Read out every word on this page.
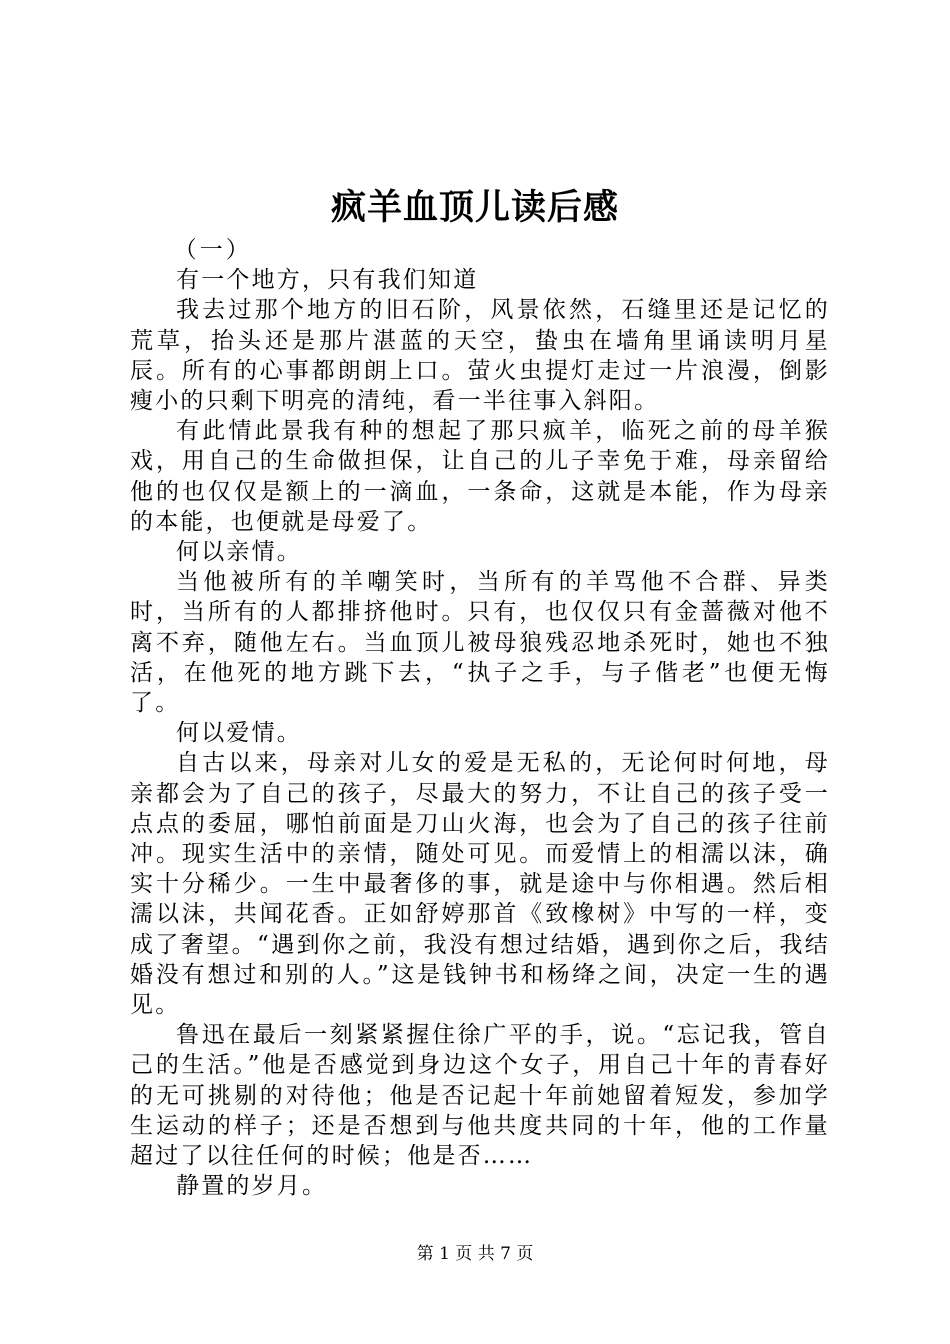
疯羊血顶儿读后感

（一）

有一个地方，只有我们知道

我去过那个地方的旧石阶，风景依然，石缝里还是记忆的荒草，抬头还是那片湛蓝的天空，蛰虫在墙角里诵读明月星辰。所有的心事都朗朗上口。萤火虫提灯走过一片浪漫，倒影瘦小的只剩下明亮的清纯，看一半往事入斜阳。

有此情此景我有种的想起了那只疯羊，临死之前的母羊猴戏，用自己的生命做担保，让自己的儿子幸免于难，母亲留给他的也仅仅是额上的一滴血，一条命，这就是本能，作为母亲的本能，也便就是母爱了。

何以亲情。

当他被所有的羊嘲笑时，当所有的羊骂他不合群、异类时，当所有的人都排挤他时。只有，也仅仅只有金蔷薇对他不离不弃，随他左右。当血顶儿被母狼残忍地杀死时，她也不独活，在他死的地方跳下去，“执子之手，与子偕老”也便无悔了。

何以爱情。

自古以来，母亲对儿女的爱是无私的，无论何时何地，母亲都会为了自己的孩子，尽最大的努力，不让自己的孩子受一点点的委屈，哪怕前面是刀山火海，也会为了自己的孩子往前冲。现实生活中的亲情，随处可见。而爱情上的相濡以沫，确实十分稀少。一生中最奢侈的事，就是途中与你相遇。然后相濡以沫，共闻花香。正如舒婷那首《致橡树》中写的一样，变成了奢望。“遇到你之前，我没有想过结婚，遇到你之后，我结婚没有想过和别的人。”这是钱钟书和杨绛之间，决定一生的遇见。

鲁迅在最后一刻紧紧握住徐广平的手，说。“忘记我，管自己的生活。”他是否感觉到身边这个女子，用自己十年的青春好的无可挑剔的对待他；他是否记起十年前她留着短发，参加学生运动的样子；还是否想到与他共度共同的十年，他的工作量超过了以往任何的时候；他是否……

静置的岁月。

第 1 页 共 7 页
